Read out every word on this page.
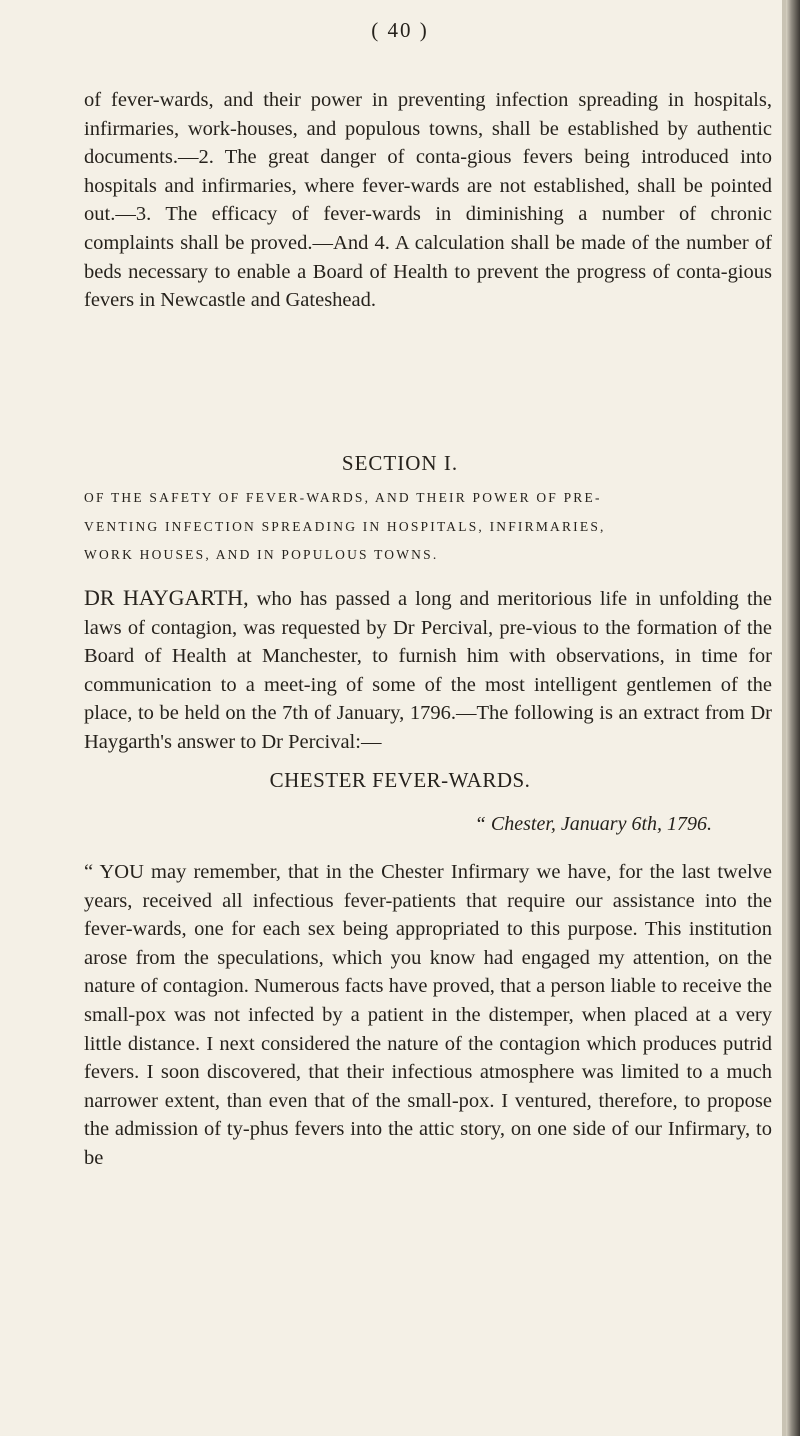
( 40 )

of fever-wards, and their power in preventing infection spreading in hospitals, infirmaries, work-houses, and populous towns, shall be established by authentic documents.—2. The great danger of conta-gious fevers being introduced into hospitals and infirmaries, where fever-wards are not established, shall be pointed out.—3. The efficacy of fever-wards in diminishing a number of chronic complaints shall be proved.—And 4. A calculation shall be made of the number of beds necessary to enable a Board of Health to prevent the progress of conta-gious fevers in Newcastle and Gateshead.

SECTION I.
OF THE SAFETY OF FEVER-WARDS, AND THEIR POWER OF PRE-
VENTING INFECTION SPREADING IN HOSPITALS, INFIRMARIES,
WORK HOUSES, AND IN POPULOUS TOWNS.

DR HAYGARTH, who has passed a long and meritorious life in unfolding the laws of contagion, was requested by Dr Percival, pre-vious to the formation of the Board of Health at Manchester, to furnish him with observations, in time for communication to a meet-ing of some of the most intelligent gentlemen of the place, to be held on the 7th of January, 1796.—The following is an extract from Dr Haygarth's answer to Dr Percival:—

CHESTER FEVER-WARDS.
“ Chester, January 6th, 1796.

“ YOU may remember, that in the Chester Infirmary we have, for the last twelve years, received all infectious fever-patients that require our assistance into the fever-wards, one for each sex being appropriated to this purpose. This institution arose from the speculations, which you know had engaged my attention, on the nature of contagion. Numerous facts have proved, that a person liable to receive the small-pox was not infected by a patient in the distemper, when placed at a very little distance. I next considered the nature of the contagion which produces putrid fevers. I soon discovered, that their infectious atmosphere was limited to a much narrower extent, than even that of the small-pox. I ventured, therefore, to propose the admission of ty-phus fevers into the attic story, on one side of our Infirmary, to be
